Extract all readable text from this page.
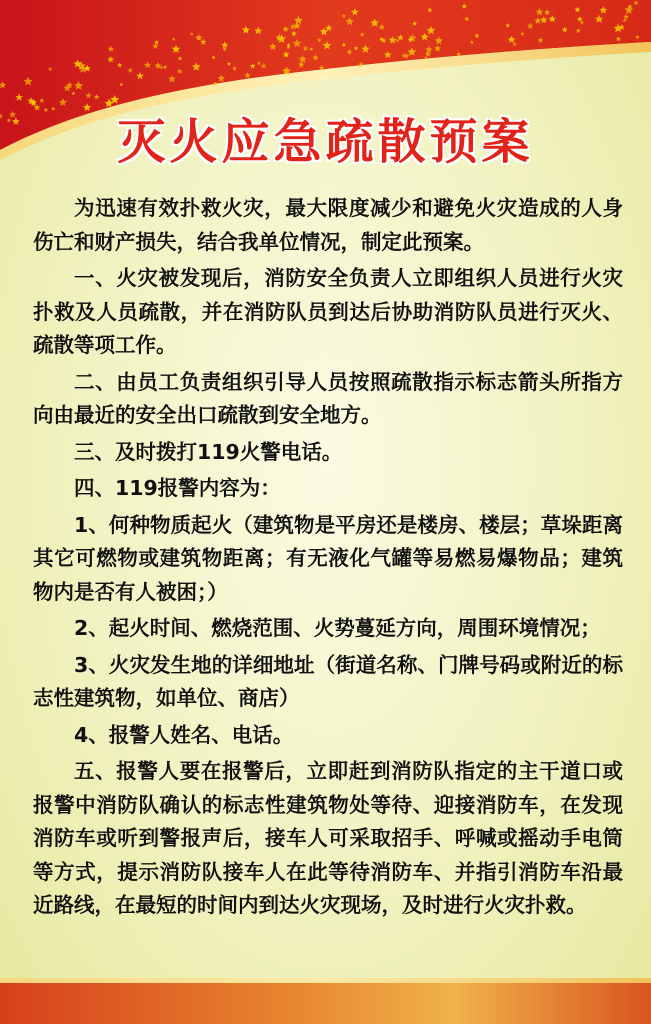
灭火应急疏散预案

为迅速有效扑救火灾，最大限度减少和避免火灾造成的人身伤亡和财产损失，结合我单位情况，制定此预案。

一、火灾被发现后，消防安全负责人立即组织人员进行火灾扑救及人员疏散，并在消防队员到达后协助消防队员进行灭火、疏散等项工作。

二、由员工负责组织引导人员按照疏散指示标志箭头所指方向由最近的安全出口疏散到安全地方。

三、及时拨打119火警电话。

四、119报警内容为：

1、何种物质起火（建筑物是平房还是楼房、楼层；草垛距离其它可燃物或建筑物距离；有无液化气罐等易燃易爆物品；建筑物内是否有人被困；）

2、起火时间、燃烧范围、火势蔓延方向，周围环境情况；

3、火灾发生地的详细地址（街道名称、门牌号码或附近的标志性建筑物，如单位、商店）

4、报警人姓名、电话。

五、报警人要在报警后，立即赶到消防队指定的主干道口或报警中消防队确认的标志性建筑物处等待、迎接消防车，在发现消防车或听到警报声后，接车人可采取招手、呼喊或摇动手电筒等方式，提示消防队接车人在此等待消防车、并指引消防车沿最近路线，在最短的时间内到达火灾现场，及时进行火灾扑救。
